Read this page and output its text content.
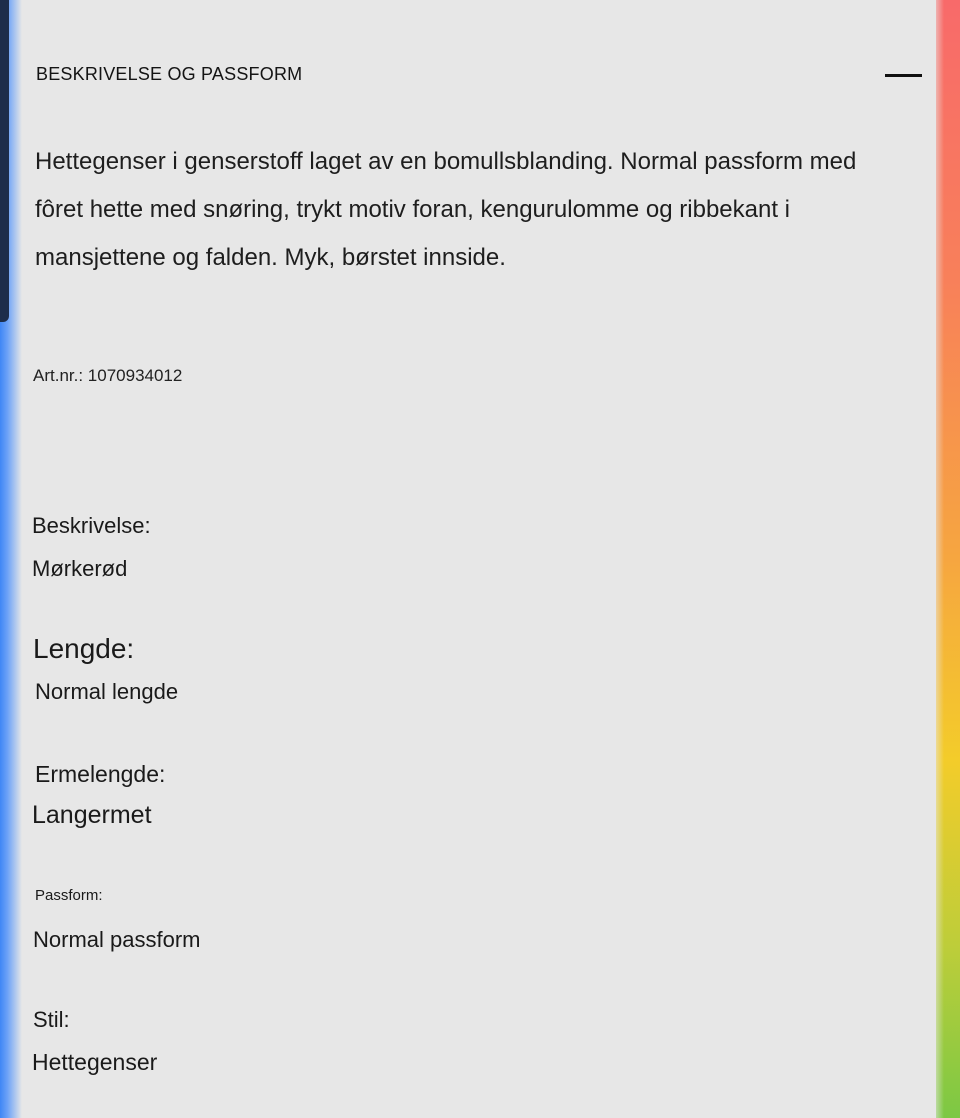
BESKRIVELSE OG PASSFORM

Hettegenser i genserstoff laget av en bomullsblanding. Normal passform med fôret hette med snøring, trykt motiv foran, kengurulomme og ribbekant i mansjettene og falden. Myk, børstet innside.

Art.nr.: 1070934012
Beskrivelse:
Mørkerød
Lengde:
Normal lengde
Ermelengde:
Langermet
Passform:
Normal passform
Stil:
Hettegenser
